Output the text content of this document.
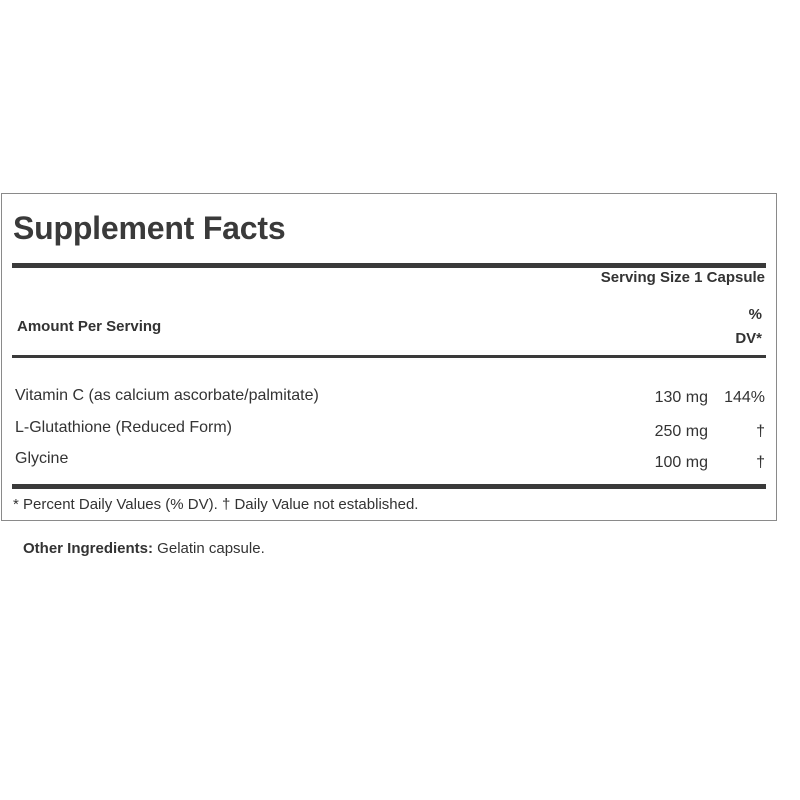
Supplement Facts
Serving Size 1 Capsule
Amount Per Serving
%
DV*
Vitamin C (as calcium ascorbate/palmitate)	130 mg 144%
L-Glutathione (Reduced Form)	250 mg	†
Glycine	100 mg	†
* Percent Daily Values (% DV). † Daily Value not established.
Other Ingredients: Gelatin capsule.
